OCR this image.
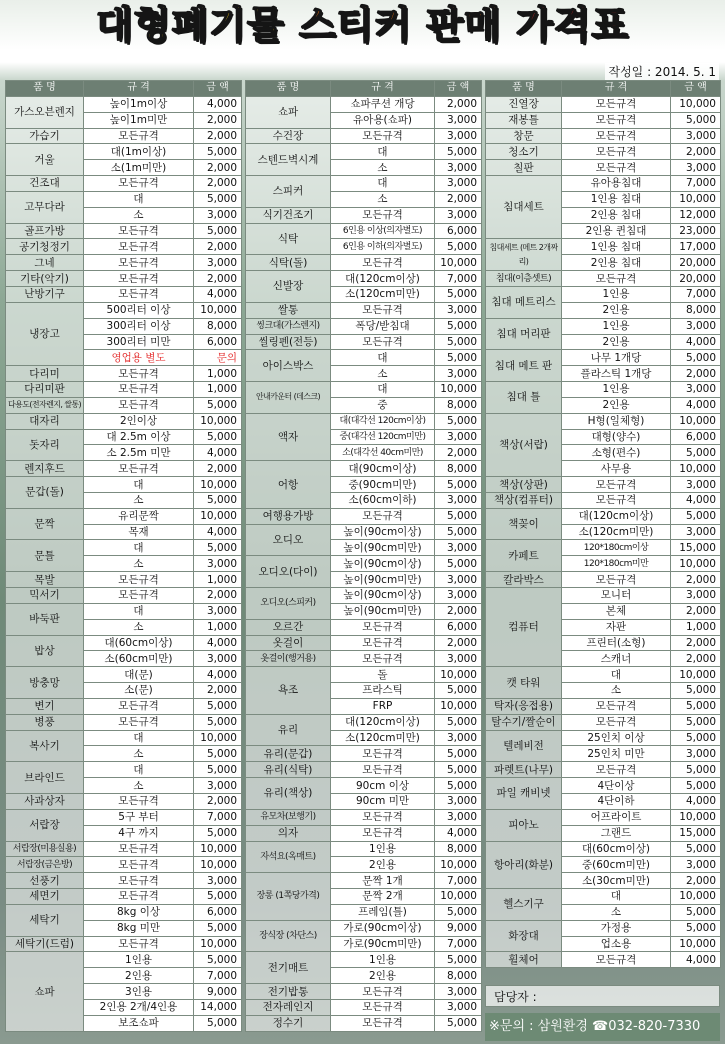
대형폐기물 스티커 판매 가격표
작성일 : 2014. 5. 1
품 명	규 격	금 액
가스오븐렌지	높이1m이상	4,000
	높이1m미만	2,000
가습기	모든규격	2,000
거울	대(1m이상)	5,000
	소(1m미만)	2,000
건조대	모든규격	2,000
고무다라	대	5,000
	소	3,000
골프가방	모든규격	5,000
공기청정기	모든규격	2,000
그네	모든규격	3,000
기타(악기)	모든규격	2,000
난방기구	모든규격	4,000
냉장고	500리터 이상	10,000
	300리터 이상	8,000
	300리터 미만	6,000
	영업용 별도	문의
다리미	모든규격	1,000
다리미판	모든규격	1,000
다용도(전자렌지, 쌀통)	모든규격	5,000
대자리	2인이상	10,000
돗자리	대 2.5m 이상	5,000
	소 2.5m 미만	4,000
렌지후드	모든규격	2,000
문갑(돌)	대	10,000
	소	5,000
문짝	유리문짝	10,000
	목재	4,000
문틀	대	5,000
	소	3,000
목발	모든규격	1,000
믹서기	모든규격	2,000
바둑판	대	3,000
	소	1,000
밥상	대(60cm이상)	4,000
	소(60cm미만)	3,000
방충망	대(문)	4,000
	소(문)	2,000
변기	모든규격	5,000
병풍	모든규격	5,000
복사기	대	10,000
	소	5,000
브라인드	대	5,000
	소	3,000
사과상자	모든규격	2,000
서랍장	5구 부터	7,000
	4구 까지	5,000
서랍장(미용실용)	모든규격	10,000
서랍장(금은방)	모든규격	10,000
선풍기	모든규격	3,000
세면기	모든규격	5,000
세탁기	8kg 이상	6,000
	8kg 미만	5,000
세탁기(드럼)	모든규격	10,000
쇼파	1인용	5,000
	2인용	7,000
	3인용	9,000
	2인용 2개/4인용	14,000
	보조쇼파	5,000
품 명	규 격	금 액
쇼파	쇼파쿠션 개당	2,000
	유아용(쇼파)	3,000
수건장	모든규격	3,000
스텐드벽시계	대	5,000
	소	3,000
스피커	대	3,000
	소	2,000
식기건조기	모든규격	3,000
식탁	6인용 이상(의자별도)	6,000
	6인용 이하(의자별도)	5,000
식탁(돌)	모든규격	10,000
신발장	대(120cm이상)	7,000
	소(120cm미만)	5,000
쌀통	모든규격	3,000
씽크대(가스렌지)	폭당/받침대	5,000
씰링펜(전등)	모든규격	5,000
아이스박스	대	5,000
	소	3,000
안내카운터 (데스크)	대	10,000
	중	8,000
액자	대(대각선 120cm이상)	5,000
	중(대각선 120cm미만)	3,000
	소(대각선 40cm미만)	2,000
어항	대(90cm이상)	8,000
	중(90cm미만)	5,000
	소(60cm이하)	3,000
여행용가방	모든규격	5,000
오디오	높이(90cm이상)	5,000
	높이(90cm미만)	3,000
오디오(다이)	높이(90cm이상)	5,000
	높이(90cm미만)	3,000
오디오(스피커)	높이(90cm이상)	3,000
	높이(90cm미만)	2,000
오르간	모든규격	6,000
옷걸이	모든규격	2,000
옷걸이(행거용)	모든규격	3,000
욕조	돌	10,000
	프라스틱	5,000
	FRP	10,000
유리	대(120cm이상)	5,000
	소(120cm미만)	3,000
유리(문갑)	모든규격	5,000
유리(식탁)	모든규격	5,000
유리(책상)	90cm 이상	5,000
	90cm 미만	3,000
유모차(보행기)	모든규격	3,000
의자	모든규격	4,000
자석요(옥매트)	1인용	8,000
	2인용	10,000
장롱 (1쪽당가격)	문짝 1개	7,000
	문짝 2개	10,000
	프레임(틀)	5,000
장식장 (차단스)	가로(90cm이상)	9,000
	가로(90cm미만)	7,000
전기매트	1인용	5,000
	2인용	8,000
전기밥통	모든규격	3,000
전자레인지	모든규격	3,000
정수기	모든규격	5,000
품 명	규 격	금 액
진열장	모든규격	10,000
재봉틀	모든규격	5,000
창문	모든규격	3,000
청소기	모든규격	2,000
칠판	모든규격	3,000
침대세트	유아용침대	7,000
	1인용 침대	10,000
	2인용 침대	12,000
	2인용 퀸침대	23,000
침대세트 (메트 2개짜리)	1인용 침대	17,000
	2인용 침대	20,000
침대(이층셋트)	모든규격	20,000
침대 메트리스	1인용	7,000
	2인용	8,000
침대 머리판	1인용	3,000
	2인용	4,000
침대 메트 판	나무 1개당	5,000
	플라스틱 1개당	2,000
침대 틀	1인용	3,000
	2인용	4,000
책상(서랍)	H형(일체형)	10,000
	대형(양수)	6,000
	소형(편수)	5,000
	사무용	10,000
책상(상판)	모든규격	3,000
책상(컴퓨터)	모든규격	4,000
책꽂이	대(120cm이상)	5,000
	소(120cm미만)	3,000
카페트	120*180cm이상	15,000
	120*180cm미만	10,000
칼라박스	모든규격	2,000
컴퓨터	모니터	3,000
	본체	2,000
	자판	1,000
	프린터(소형)	2,000
	스캐너	2,000
캣 타워	대	10,000
	소	5,000
탁자(응접용)	모든규격	5,000
탈수기/짤순이	모든규격	5,000
텔레비전	25인치 이상	5,000
	25인치 미만	3,000
파렛트(나무)	모든규격	5,000
파일 캐비넷	4단이상	5,000
	4단이하	4,000
피아노	어프라이트	10,000
	그랜드	15,000
항아리(화분)	대(60cm이상)	5,000
	중(60cm미만)	3,000
	소(30cm미만)	2,000
헬스기구	대	10,000
	소	5,000
화장대	가정용	5,000
	업소용	10,000
휠체어	모든규격	4,000
담당자 :
※문의 : 삼원환경 ☎032-820-7330
